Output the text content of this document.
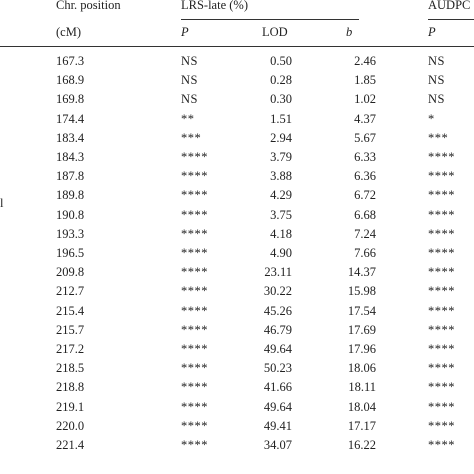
Chr. position	LRS-late (%)	AUDPC
(cM)	P	LOD	b	P
l
167.3	NS	0.50	2.46	NS
168.9	NS	0.28	1.85	NS
169.8	NS	0.30	1.02	NS
174.4	**	1.51	4.37	*
183.4	***	2.94	5.67	***
184.3	****	3.79	6.33	****
187.8	****	3.88	6.36	****
189.8	****	4.29	6.72	****
190.8	****	3.75	6.68	****
193.3	****	4.18	7.24	****
196.5	****	4.90	7.66	****
209.8	****	23.11	14.37	****
212.7	****	30.22	15.98	****
215.4	****	45.26	17.54	****
215.7	****	46.79	17.69	****
217.2	****	49.64	17.96	****
218.5	****	50.23	18.06	****
218.8	****	41.66	18.11	****
219.1	****	49.64	18.04	****
220.0	****	49.41	17.17	****
221.4	****	34.07	16.22	****
